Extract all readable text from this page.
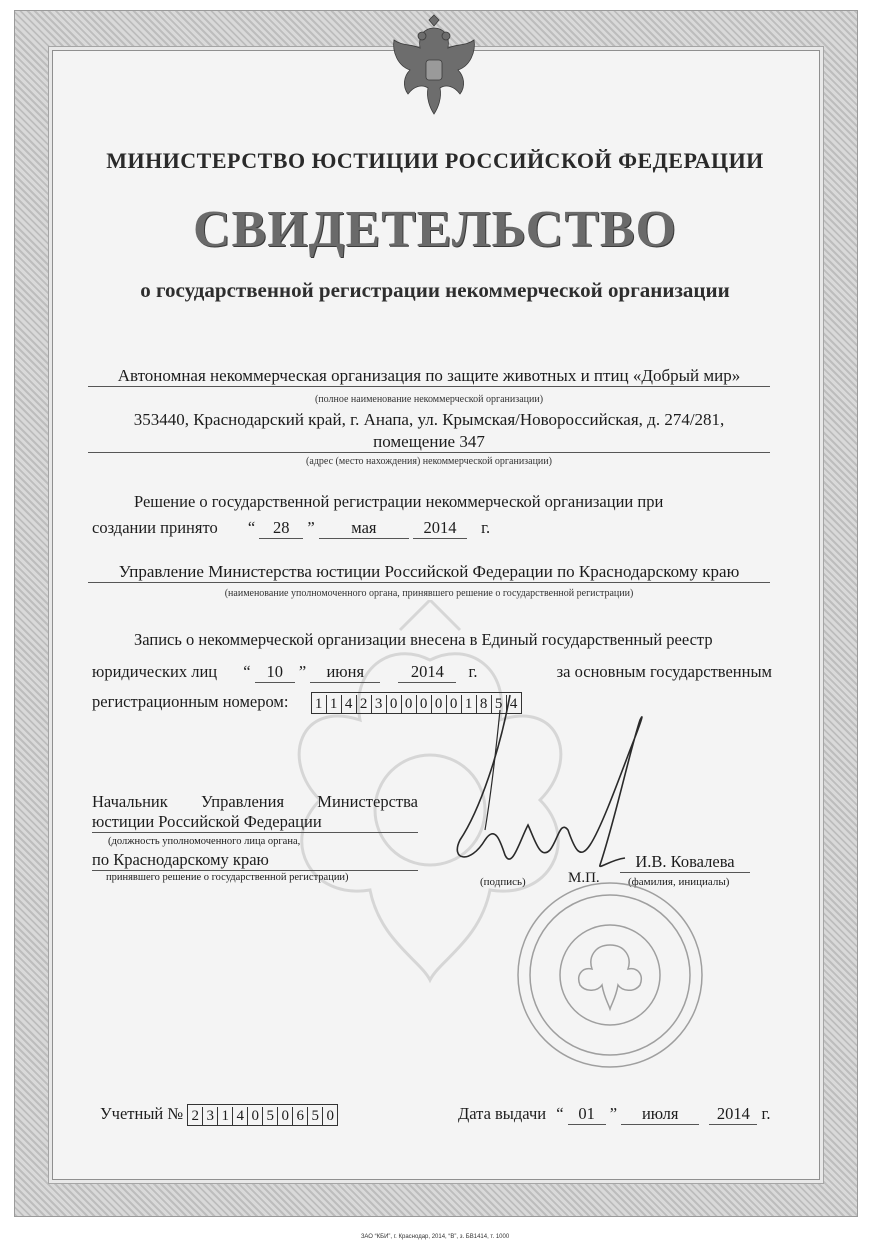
МИНИСТЕРСТВО ЮСТИЦИИ РОССИЙСКОЙ ФЕДЕРАЦИИ
СВИДЕТЕЛЬСТВО
о государственной регистрации некоммерческой организации
Автономная некоммерческая организация по защите животных и птиц «Добрый мир»
(полное наименование некоммерческой организации)
353440, Краснодарский край, г. Анапа, ул. Крымская/Новороссийская, д. 274/281,
помещение 347
(адрес (место нахождения) некоммерческой организации)
Решение о государственной регистрации некоммерческой организации при
создании принято “ 28 ” мая	2014 г.
Управление Министерства юстиции Российской Федерации по Краснодарскому краю
(наименование уполномоченного органа, принявшего решение о государственной регистрации)
Запись о некоммерческой организации внесена в Единый государственный реестр
юридических лиц “ 10 ” июня	2014 г.	за основным государственным
регистрационным номером: 1 1 4 2 3 0 0 0 0 0 1 8 5 4
Начальник Управления Министерства
юстиции Российской Федерации
(должность уполномоченного лица органа,
по Краснодарскому краю
принявшего решение о государственной регистрации)	(подпись)	М.П.
И.В. Ковалева
(фамилия, инициалы)
Учетный № 2 3 1 4 0 5 0 6 5 0	Дата выдачи “ 01 ” июля 2014 г.
ЗАО “КБИ”, г. Краснодар, 2014, “В”, з. БВ1414, т. 1000
